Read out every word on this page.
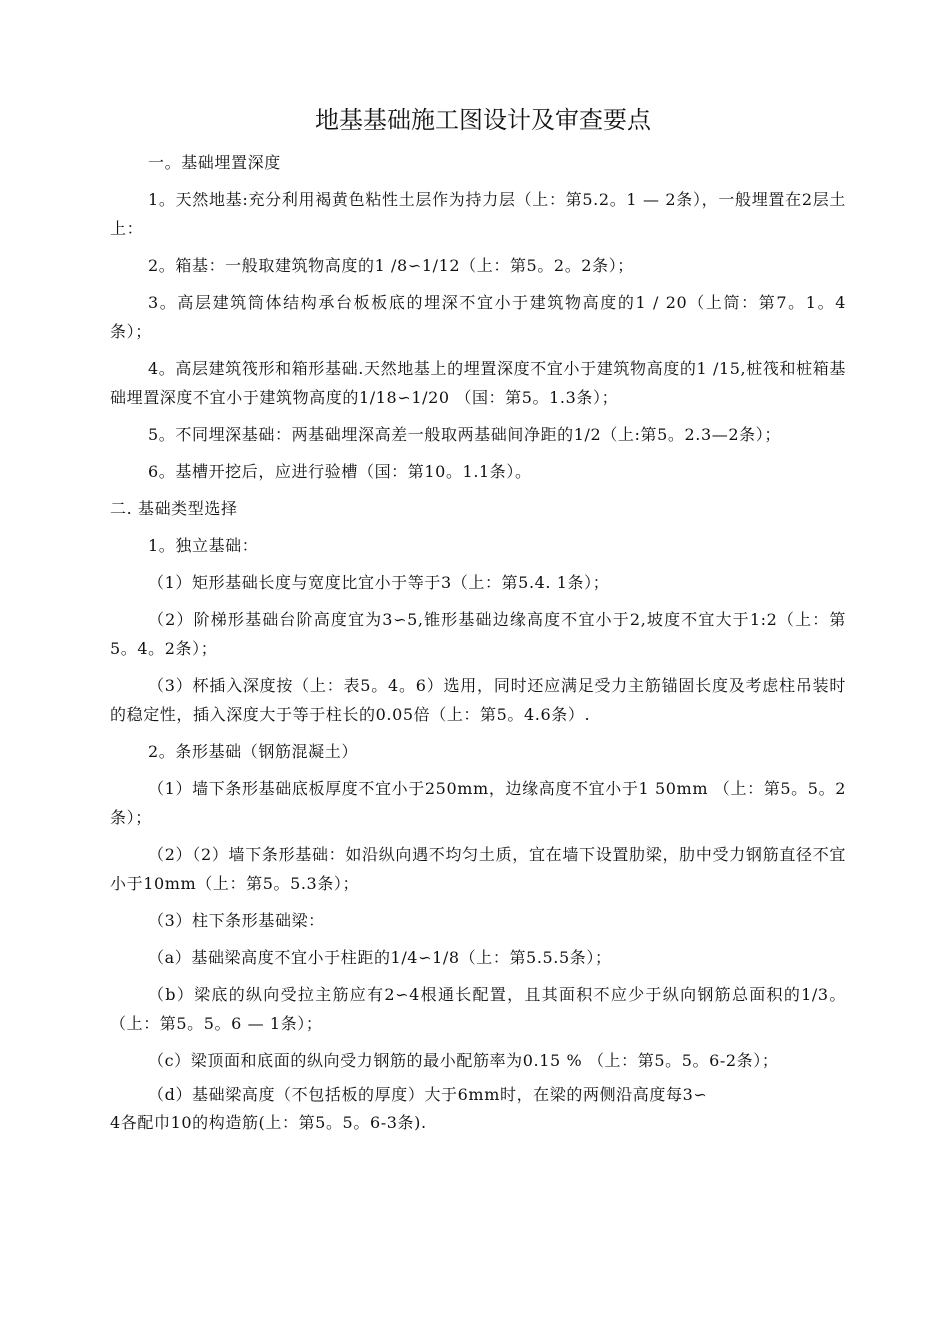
地基基础施工图设计及审查要点

一。基础埋置深度

1。天然地基:充分利用褐黄色粘性土层作为持力层（上：第5.2。1 — 2条），一般埋置在2层土上：

2。箱基：一般取建筑物高度的1 /8∽1/12（上：第5。2。2条）；

3。高层建筑筒体结构承台板板底的埋深不宜小于建筑物高度的1 / 20（上筒：第7。1。4 条）；

4。高层建筑筏形和箱形基础.天然地基上的埋置深度不宜小于建筑物高度的1 /15,桩筏和桩箱基础埋置深度不宜小于建筑物高度的1/18∽1/20 （国：第5。1.3条）；

5。不同埋深基础：两基础埋深高差一般取两基础间净距的1/2（上:第5。2.3—2条）；

6。基槽开挖后，应进行验槽（国：第10。1.1条）。

二. 基础类型选择

1。独立基础：

（1）矩形基础长度与宽度比宜小于等于3（上：第5.4. 1条）；

（2）阶梯形基础台阶高度宜为3∽5,锥形基础边缘高度不宜小于2,坡度不宜大于1:2（上：第5。4。2条）；

（3）杯插入深度按（上：表5。4。6）选用，同时还应满足受力主筋锚固长度及考虑柱吊装时的稳定性，插入深度大于等于柱长的0.05倍（上：第5。4.6条）.

2。条形基础（钢筋混凝土）

（1）墙下条形基础底板厚度不宜小于250mm，边缘高度不宜小于1 50mm （上：第5。5。2 条）；

（2）（2）墙下条形基础：如沿纵向遇不均匀土质，宜在墙下设置肋梁，肋中受力钢筋直径不宜小于10mm（上：第5。5.3条）；

（3）柱下条形基础梁：

（a）基础梁高度不宜小于柱距的1/4∽1/8（上：第5.5.5条）；

（b）梁底的纵向受拉主筋应有2∽4根通长配置，且其面积不应少于纵向钢筋总面积的1/3。（上：第5。5。6 — 1条）；

（c）梁顶面和底面的纵向受力钢筋的最小配筋率为0.15 % （上：第5。5。6-2条）；

（d）基础梁高度（不包括板的厚度）大于6mm时，在梁的两侧沿高度每3∽

4各配巾10的构造筋(上：第5。5。6-3条).
